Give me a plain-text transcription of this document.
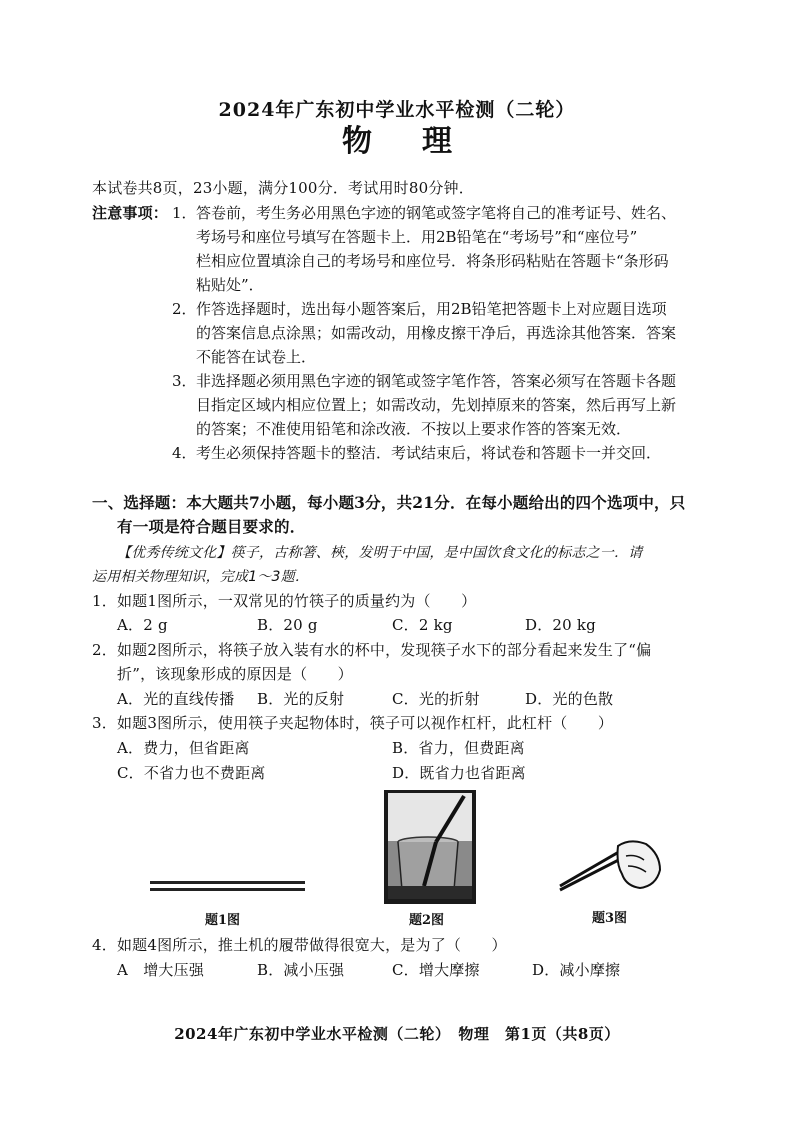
2024年广东初中学业水平检测（二轮）
物理
本试卷共8页，23小题，满分100分．考试用时80分钟．
注意事项： 1． 答卷前，考生务必用黑色字迹的钢笔或签字笔将自己的准考证号、姓名、
考场号和座位号填写在答题卡上．用2B铅笔在“考场号”和“座位号”
栏相应位置填涂自己的考场号和座位号．将条形码粘贴在答题卡“条形码
粘贴处”．
2． 作答选择题时，选出每小题答案后，用2B铅笔把答题卡上对应题目选项
的答案信息点涂黑；如需改动，用橡皮擦干净后，再选涂其他答案．答案
不能答在试卷上．
3． 非选择题必须用黑色字迹的钢笔或签字笔作答，答案必须写在答题卡各题
目指定区域内相应位置上；如需改动，先划掉原来的答案，然后再写上新
的答案；不准使用铅笔和涂改液．不按以上要求作答的答案无效．
4． 考生必须保持答题卡的整洁．考试结束后，将试卷和答题卡一并交回．
一、选择题：本大题共7小题，每小题3分，共21分．在每小题给出的四个选项中，只
有一项是符合题目要求的．
【优秀传统文化】筷子，古称箸、梜，发明于中国，是中国饮食文化的标志之一．请
运用相关物理知识，完成1～3题．
1．如题1图所示，一双常见的竹筷子的质量约为（　　）
A．2 g	B．20 g	C．2 kg	D．20 kg
2．如题2图所示，将筷子放入装有水的杯中，发现筷子水下的部分看起来发生了“偏
折”，该现象形成的原因是（　　）
A．光的直线传播 B．光的反射	C．光的折射	D．光的色散
3．如题3图所示，使用筷子夹起物体时，筷子可以视作杠杆，此杠杆（　　）
A．费力，但省距离	B．省力，但费距离
C．不省力也不费距离	D．既省力也省距离
题1图	题2图	题3图
4．如题4图所示，推土机的履带做得很宽大，是为了（　　）
A　增大压强	B．减小压强	C．增大摩擦	D．减小摩擦
2024年广东初中学业水平检测（二轮）　物理　第1页（共8页）
